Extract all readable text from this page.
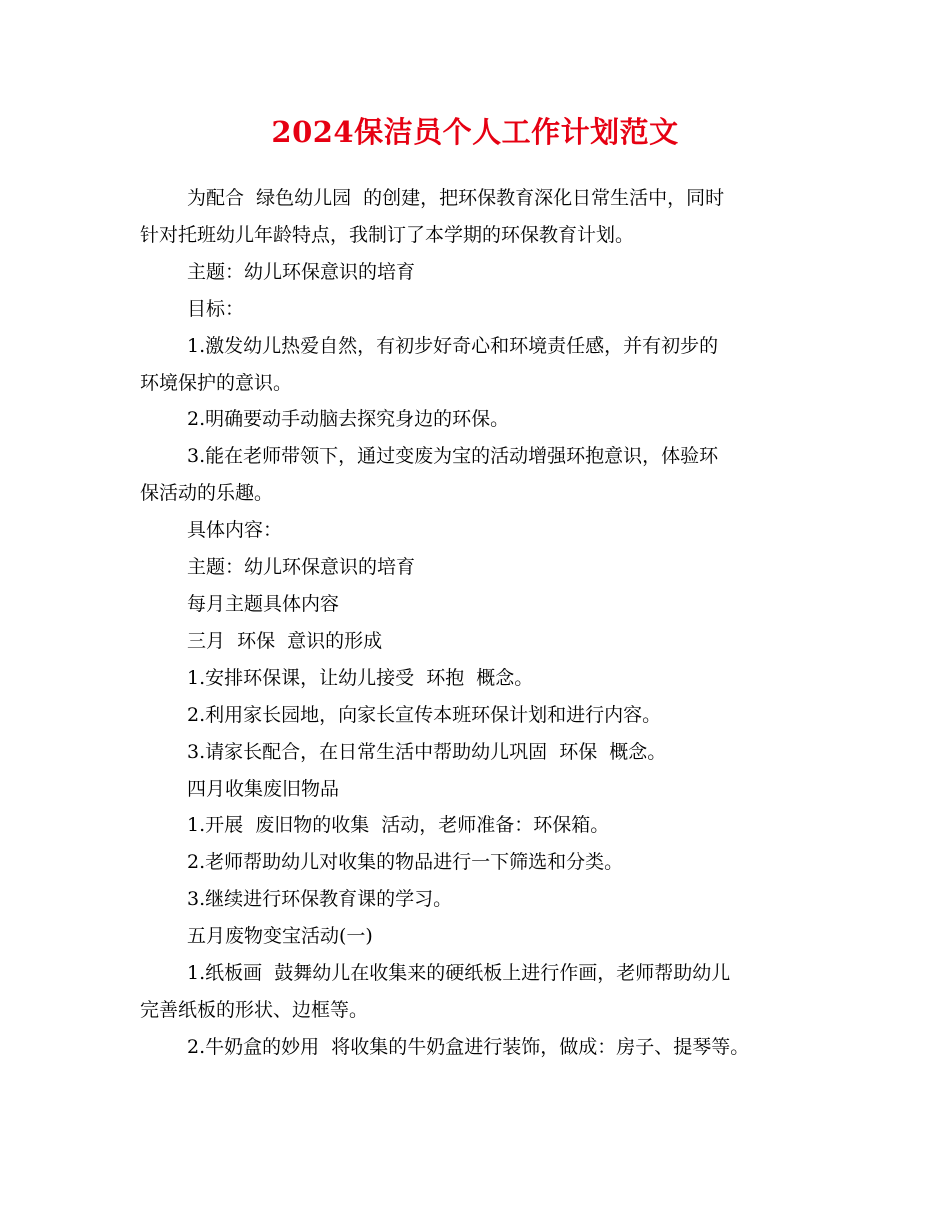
2024保洁员个人工作计划范文

为配合  绿色幼儿园  的创建，把环保教育深化日常生活中，同时

针对托班幼儿年龄特点，我制订了本学期的环保教育计划。

主题：幼儿环保意识的培育

目标：

1.激发幼儿热爱自然，有初步好奇心和环境责任感，并有初步的

环境保护的意识。

2.明确要动手动脑去探究身边的环保。

3.能在老师带领下，通过变废为宝的活动增强环抱意识，体验环

保活动的乐趣。

具体内容：

主题：幼儿环保意识的培育

每月主题具体内容

三月  环保  意识的形成

1.安排环保课，让幼儿接受  环抱  概念。

2.利用家长园地，向家长宣传本班环保计划和进行内容。

3.请家长配合，在日常生活中帮助幼儿巩固  环保  概念。

四月收集废旧物品

1.开展  废旧物的收集  活动，老师准备：环保箱。

2.老师帮助幼儿对收集的物品进行一下筛选和分类。

3.继续进行环保教育课的学习。

五月废物变宝活动(一)

1.纸板画  鼓舞幼儿在收集来的硬纸板上进行作画，老师帮助幼儿

完善纸板的形状、边框等。

2.牛奶盒的妙用  将收集的牛奶盒进行装饰，做成：房子、提琴等。
